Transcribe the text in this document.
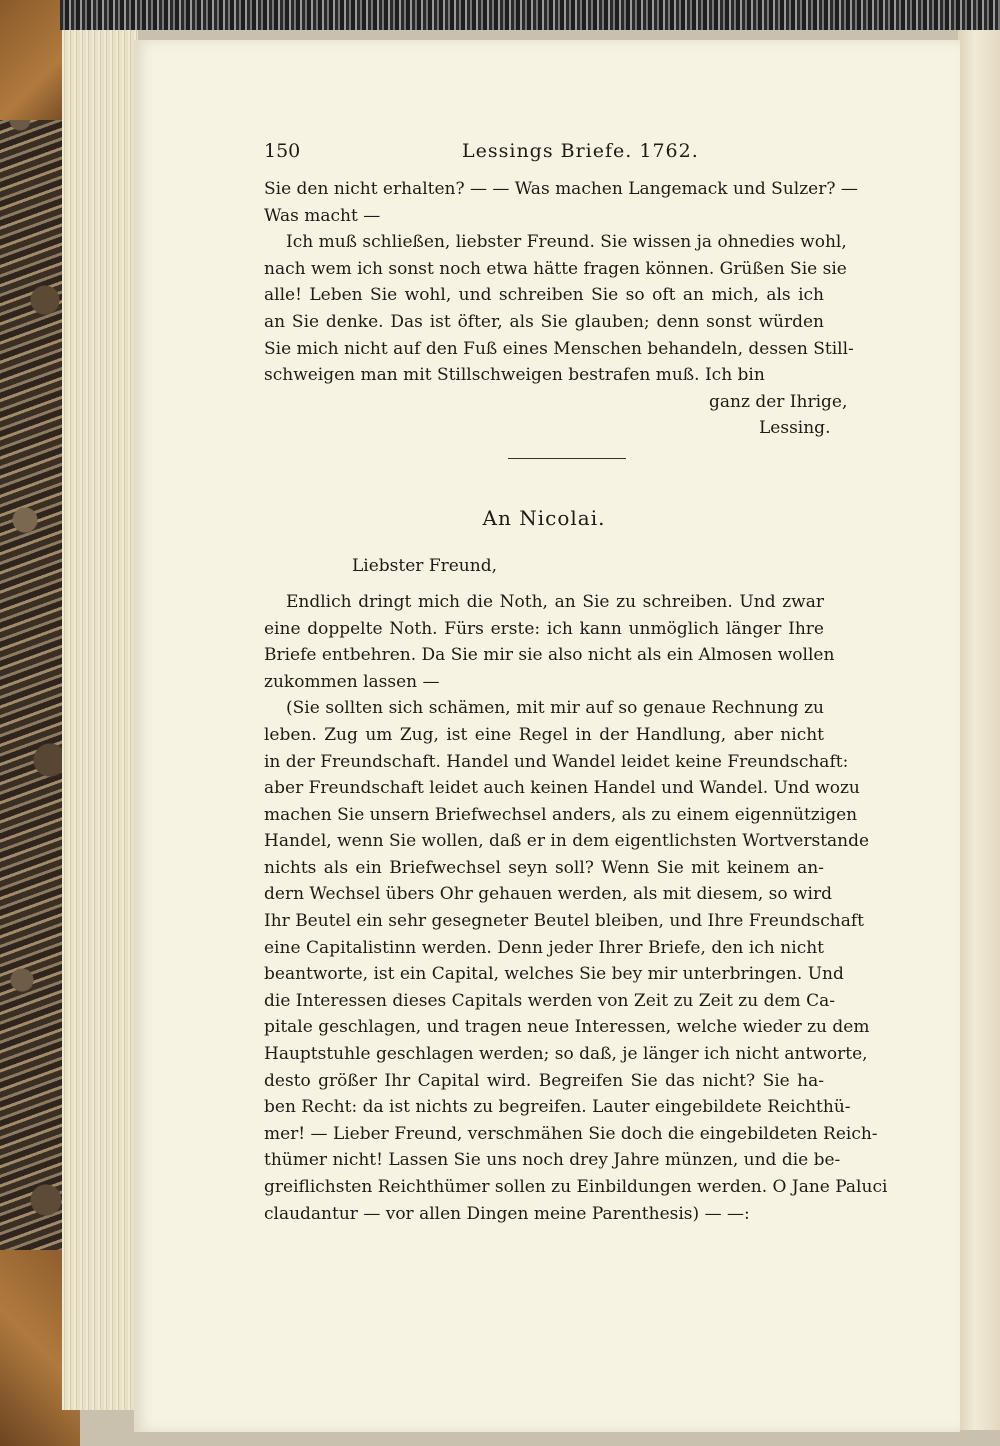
150	Lessings Briefe. 1762.
Sie den nicht erhalten? — — Was machen Langemack und Sulzer? —
Was macht —
Ich muß schließen, liebster Freund. Sie wissen ja ohnedies wohl,
nach wem ich sonst noch etwa hätte fragen können. Grüßen Sie sie
alle! Leben Sie wohl, und schreiben Sie so oft an mich, als ich
an Sie denke. Das ist öfter, als Sie glauben; denn sonst würden
Sie mich nicht auf den Fuß eines Menschen behandeln, dessen Still-
schweigen man mit Stillschweigen bestrafen muß. Ich bin
ganz der Ihrige,
Lessing.
An Nicolai.
Liebster Freund,
Endlich dringt mich die Noth, an Sie zu schreiben. Und zwar
eine doppelte Noth. Fürs erste: ich kann unmöglich länger Ihre
Briefe entbehren. Da Sie mir sie also nicht als ein Almosen wollen
zukommen lassen —
(Sie sollten sich schämen, mit mir auf so genaue Rechnung zu
leben. Zug um Zug, ist eine Regel in der Handlung, aber nicht
in der Freundschaft. Handel und Wandel leidet keine Freundschaft:
aber Freundschaft leidet auch keinen Handel und Wandel. Und wozu
machen Sie unsern Briefwechsel anders, als zu einem eigennützigen
Handel, wenn Sie wollen, daß er in dem eigentlichsten Wortverstande
nichts als ein Briefwechsel seyn soll? Wenn Sie mit keinem an-
dern Wechsel übers Ohr gehauen werden, als mit diesem, so wird
Ihr Beutel ein sehr gesegneter Beutel bleiben, und Ihre Freundschaft
eine Capitalistinn werden. Denn jeder Ihrer Briefe, den ich nicht
beantworte, ist ein Capital, welches Sie bey mir unterbringen. Und
die Interessen dieses Capitals werden von Zeit zu Zeit zu dem Ca-
pitale geschlagen, und tragen neue Interessen, welche wieder zu dem
Hauptstuhle geschlagen werden; so daß, je länger ich nicht antworte,
desto größer Ihr Capital wird. Begreifen Sie das nicht? Sie ha-
ben Recht: da ist nichts zu begreifen. Lauter eingebildete Reichthü-
mer! — Lieber Freund, verschmähen Sie doch die eingebildeten Reich-
thümer nicht! Lassen Sie uns noch drey Jahre münzen, und die be-
greiflichsten Reichthümer sollen zu Einbildungen werden. O Jane Paluci
claudantur — vor allen Dingen meine Parenthesis) — —:
